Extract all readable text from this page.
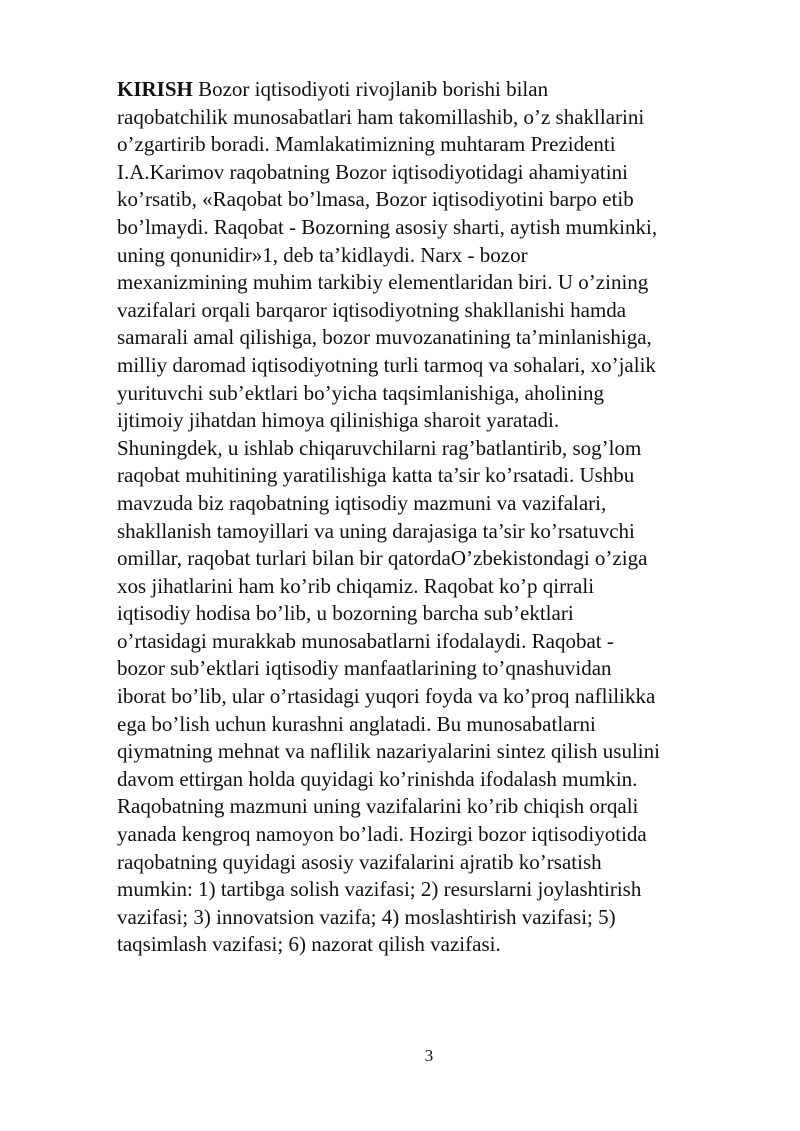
KIRISH Bozor iqtisodiyoti rivojlanib borishi bilan
raqobatchilik munosabatlari ham takomillashib, o’z shakllarini
o’zgartirib boradi. Mamlakatimizning muhtaram Prezidenti
I.A.Karimov raqobatning Bozor iqtisodiyotidagi ahamiyatini
ko’rsatib, «Raqobat bo’lmasa, Bozor iqtisodiyotini barpo etib
bo’lmaydi. Raqobat - Bozorning asosiy sharti, aytish mumkinki,
uning qonunidir»1, deb ta’kidlaydi. Narx - bozor
mexanizmining muhim tarkibiy elementlaridan biri. U o’zining
vazifalari orqali barqaror iqtisodiyotning shakllanishi hamda
samarali amal qilishiga, bozor muvozanatining ta’minlanishiga,
milliy daromad iqtisodiyotning turli tarmoq va sohalari, xo’jalik
yurituvchi sub’ektlari bo’yicha taqsimlanishiga, aholining
ijtimoiy jihatdan himoya qilinishiga sharoit yaratadi.
Shuningdek, u ishlab chiqaruvchilarni rag’batlantirib, sog’lom
raqobat muhitining yaratilishiga katta ta’sir ko’rsatadi. Ushbu
mavzuda biz raqobatning iqtisodiy mazmuni va vazifalari,
shakllanish tamoyillari va uning darajasiga ta’sir ko’rsatuvchi
omillar, raqobat turlari bilan bir qatordaO’zbekistondagi o’ziga
xos jihatlarini ham ko’rib chiqamiz. Raqobat ko’p qirrali
iqtisodiy hodisa bo’lib, u bozorning barcha sub’ektlari
o’rtasidagi murakkab munosabatlarni ifodalaydi. Raqobat -
bozor sub’ektlari iqtisodiy manfaatlarining to’qnashuvidan
iborat bo’lib, ular o’rtasidagi yuqori foyda va ko’proq naflilikka
ega bo’lish uchun kurashni anglatadi. Bu munosabatlarni
qiymatning mehnat va naflilik nazariyalarini sintez qilish usulini
davom ettirgan holda quyidagi ko’rinishda ifodalash mumkin.
Raqobatning mazmuni uning vazifalarini ko’rib chiqish orqali
yanada kengroq namoyon bo’ladi. Hozirgi bozor iqtisodiyotida
raqobatning quyidagi asosiy vazifalarini ajratib ko’rsatish
mumkin: 1) tartibga solish vazifasi; 2) resurslarni joylashtirish
vazifasi; 3) innovatsion vazifa; 4) moslashtirish vazifasi; 5)
taqsimlash vazifasi; 6) nazorat qilish vazifasi.

3
